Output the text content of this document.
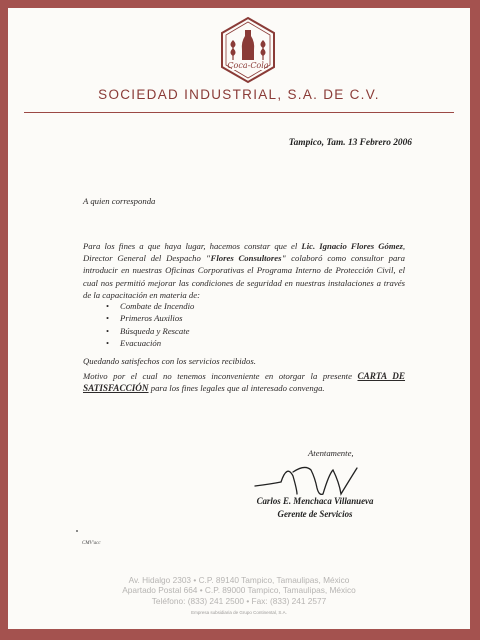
Coca-Cola
SOCIEDAD INDUSTRIAL, S.A. DE C.V.
Tampico, Tam. 13 Febrero 2006
A quien corresponda

Para los fines a que haya lugar, hacemos constar que el Lic. Ignacio Flores Gómez, Director General del Despacho "Flores Consultores" colaboró como consultor para introducir en nuestras Oficinas Corporativas el Programa Interno de Protección Civil, el cual nos permitió mejorar las condiciones de seguridad en nuestras instalaciones a través de la capacitación en materia de:

• Combate de Incendio
• Primeros Auxilios
• Búsqueda y Rescate
• Evacuación
Quedando satisfechos con los servicios recibidos.

Motivo por el cual no tenemos inconveniente en otorgar la presente CARTA DE SATISFACCIÓN para los fines legales que al interesado convenga.

Atentamente,
Carlos E. Menchaca Villanueva
Gerente de Servicios
CMV'acc
Av. Hidalgo 2303 • C.P. 89140 Tampico, Tamaulipas, México
Apartado Postal 664 • C.P. 89000 Tampico, Tamaulipas, México
Teléfono: (833) 241 2500 • Fax: (833) 241 2577
Empresa subsidiaria de Grupo Continental, S.A.
